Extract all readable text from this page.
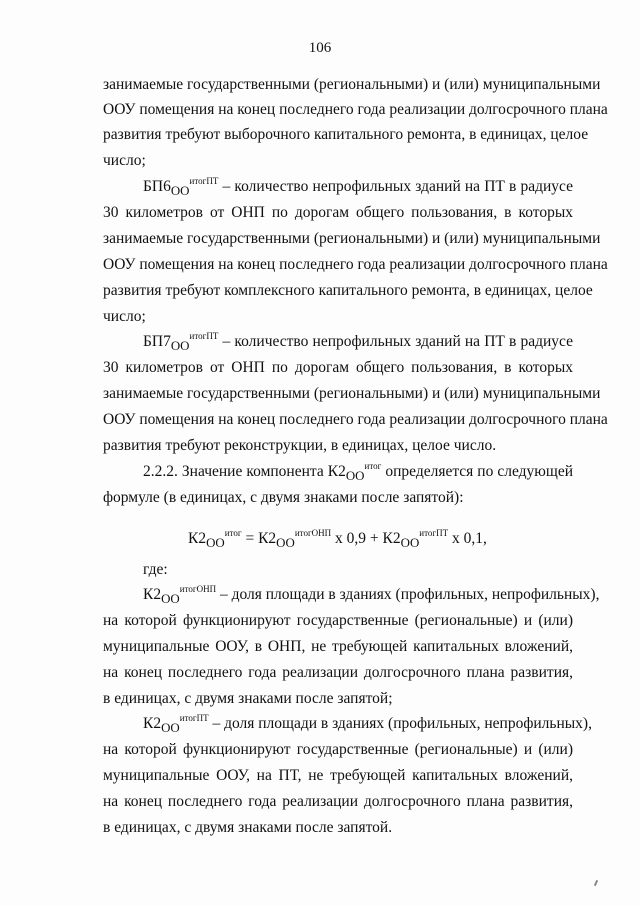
106
занимаемые государственными (региональными) и (или) муниципальными
ООУ помещения на конец последнего года реализации долгосрочного плана
развития требуют выборочного капитального ремонта, в единицах, целое
число;
$БП6_{ОО}^{итогПТ}$ – количество непрофильных зданий на ПТ в радиусе
30 километров от ОНП по дорогам общего пользования, в которых
занимаемые государственными (региональными) и (или) муниципальными
ООУ помещения на конец последнего года реализации долгосрочного плана
развития требуют комплексного капитального ремонта, в единицах, целое
число;
$БП7_{ОО}^{итогПТ}$ – количество непрофильных зданий на ПТ в радиусе
30 километров от ОНП по дорогам общего пользования, в которых
занимаемые государственными (региональными) и (или) муниципальными
ООУ помещения на конец последнего года реализации долгосрочного плана
развития требуют реконструкции, в единицах, целое число.
2.2.2. Значение компонента $К2_{ОО}^{итог}$ определяется по следующей
формуле (в единицах, с двумя знаками после запятой):
$К2_{ОО}^{итог} = К2_{ОО}^{итогОНП}$ x $0,9 + К2_{ОО}^{итогПТ}$ x 0,1,
где:
$К2_{ОО}^{итогОНП}$ – доля площади в зданиях (профильных, непрофильных),
на которой функционируют государственные (региональные) и (или)
муниципальные ООУ, в ОНП, не требующей капитальных вложений,
на конец последнего года реализации долгосрочного плана развития,
в единицах, с двумя знаками после запятой;
$К2_{ОО}^{итогПТ}$ – доля площади в зданиях (профильных, непрофильных),
на которой функционируют государственные (региональные) и (или)
муниципальные ООУ, на ПТ, не требующей капитальных вложений,
на конец последнего года реализации долгосрочного плана развития,
в единицах, с двумя знаками после запятой.
